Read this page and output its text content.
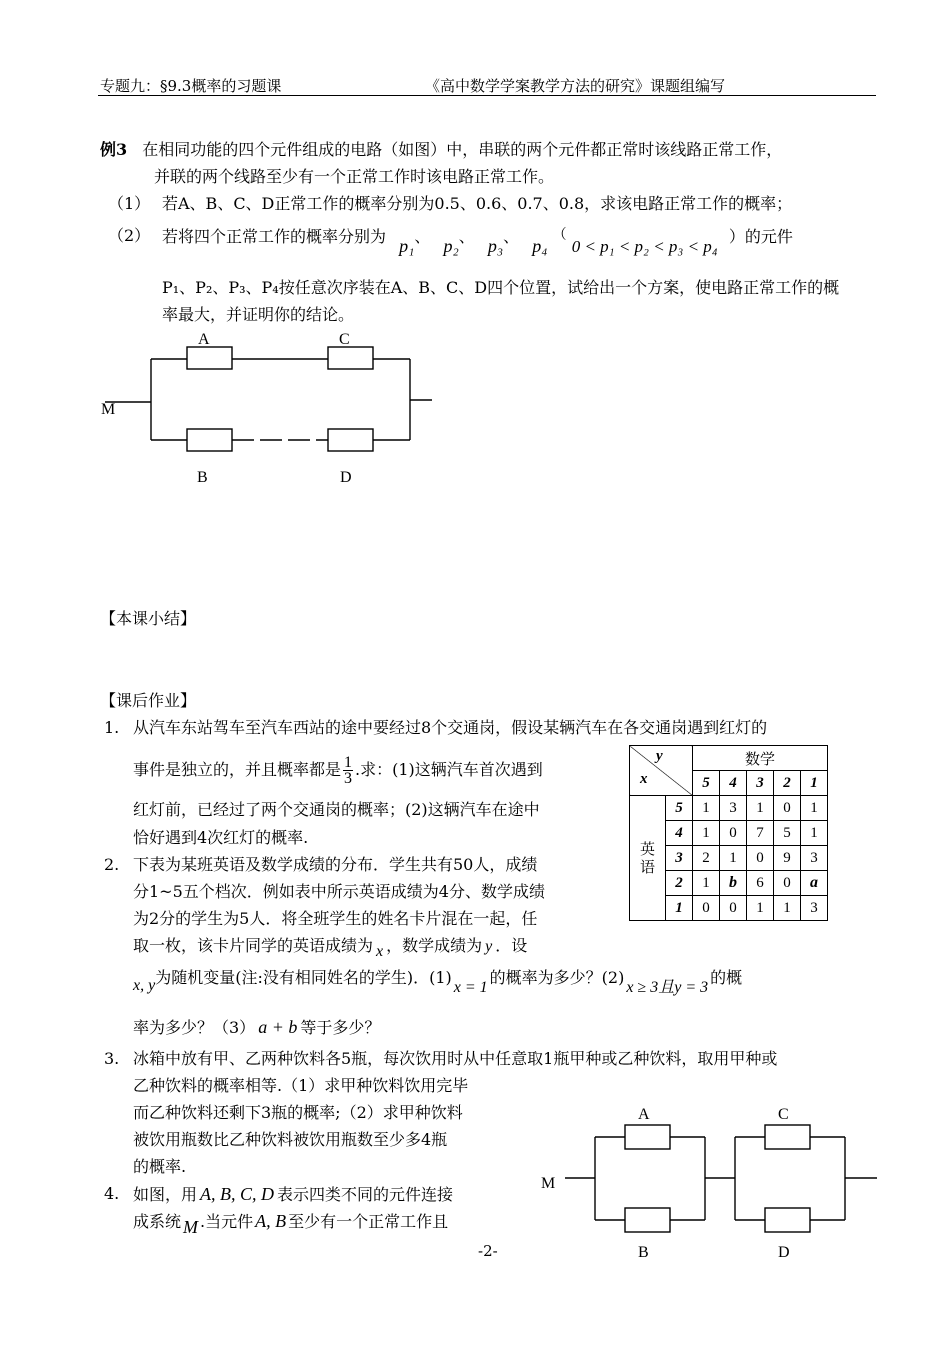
专题九：§9.3概率的习题课	《高中数学学案教学方法的研究》课题组编写
例3 在相同功能的四个元件组成的电路（如图）中，串联的两个元件都正常时该线路正常工作，
并联的两个线路至少有一个正常工作时该电路正常工作。
（1） 若A、B、C、D正常工作的概率分别为0.5、0.6、0.7、0.8，求该电路正常工作的概率；
（2） 若将四个正常工作的概率分别为 p₁、 p₂、 p₃、 p₄ （ 0 < p₁ < p₂ < p₃ < p₄ ）的元件
P₁、P₂、P₃、P₄按任意次序装在A、B、C、D四个位置，试给出一个方案，使电路正常工作的概
率最大，并证明你的结论。
M
A	C
B	D
【本课小结】
【课后作业】
1. 从汽车东站驾车至汽车西站的途中要经过8个交通岗，假设某辆汽车在各交通岗遇到红灯的
事件是独立的，并且概率都是 $\frac{1}{3}$ .求：(1)这辆汽车首次遇到
红灯前，已经过了两个交通岗的概率；(2)这辆汽车在途中
恰好遇到4次红灯的概率.
2. 下表为某班英语及数学成绩的分布．学生共有50人，成绩
分1~5五个档次．例如表中所示英语成绩为4分、数学成绩
为2分的学生为5人．将全班学生的姓名卡片混在一起，任
取一枚，该卡片同学的英语成绩为 x ，数学成绩为 y ．设
x, y为随机变量(注:没有相同姓名的学生)．(1)x = 1的概率为多少？(2)x ≥ 3且y = 3的概
率为多少？（3） a + b 等于多少？
y
x		数学				
		5	4	3	2	1
英
语	5	1	3	1	0	1
	4	1	0	7	5	1
	3	2	1	0	9	3
	2	1	b	6	0	a
	1	0	0	1	1	3
3. 冰箱中放有甲、乙两种饮料各5瓶，每次饮用时从中任意取1瓶甲种或乙种饮料，取用甲种或
乙种饮料的概率相等.（1）求甲种饮料饮用完毕
而乙种饮料还剩下3瓶的概率;（2）求甲种饮料
被饮用瓶数比乙种饮料被饮用瓶数至少多4瓶
的概率.
4. 如图，用 A, B, C, D 表示四类不同的元件连接
成系统 M .当元件 A, B 至少有一个正常工作且
M
A	C
B	D
-2-
